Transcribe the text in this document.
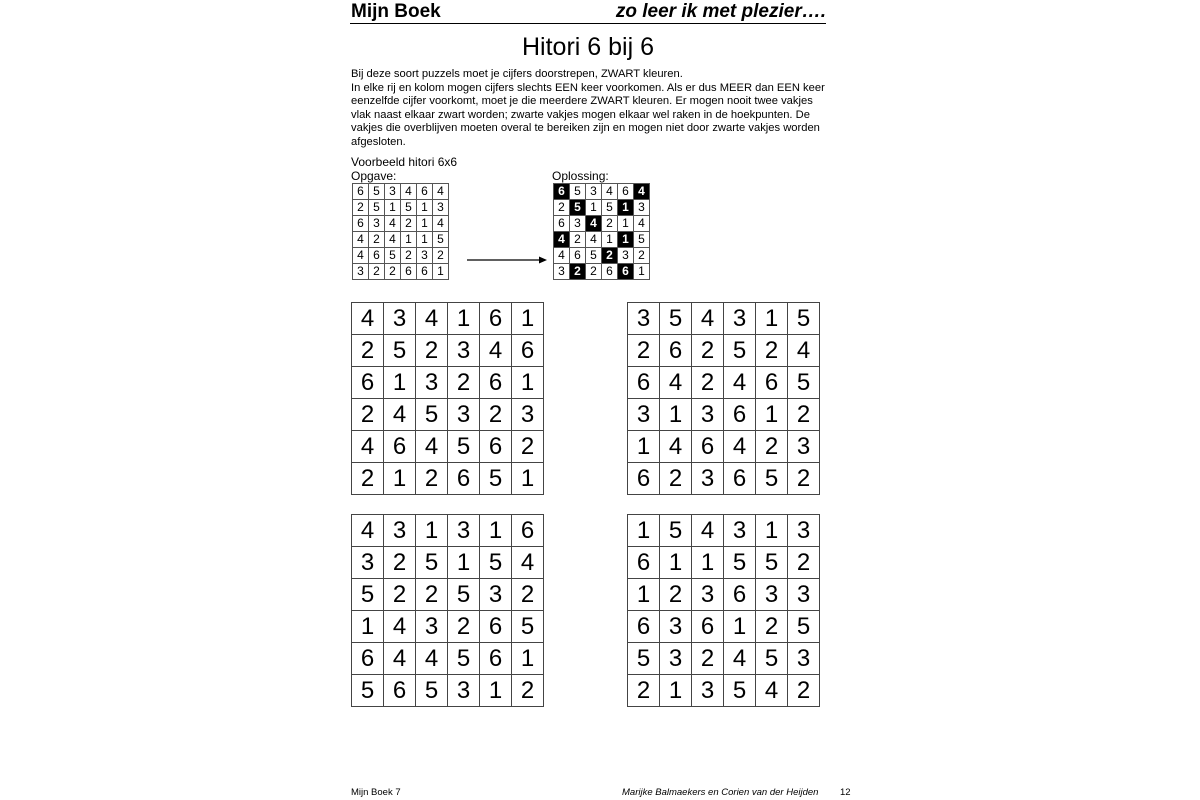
Mijn Boek	zo leer ik met plezier….
Hitori 6 bij 6

Bij deze soort puzzels moet je cijfers doorstrepen, ZWART kleuren.

In elke rij en kolom mogen cijfers slechts EEN keer voorkomen. Als er dus MEER dan EEN keer eenzelfde cijfer voorkomt, moet je die meerdere ZWART kleuren. Er mogen nooit twee vakjes vlak naast elkaar zwart worden; zwarte vakjes mogen elkaar wel raken in de hoekpunten. De vakjes die overblijven moeten overal te bereiken zijn en mogen niet door zwarte vakjes worden afgesloten.

Voorbeeld hitori 6x6
Opgave:	Oplossing:
6	5	3	4	6	4
2	5	1	5	1	3
6	3	4	2	1	4
4	2	4	1	1	5
4	6	5	2	3	2
3	2	2	6	6	1
6	5	3	4	6	4
2	5	1	5	1	3
6	3	4	2	1	4
4	2	4	1	1	5
4	6	5	2	3	2
3	2	2	6	6	1
4	3	4	1	6	1
2	5	2	3	4	6
6	1	3	2	6	1
2	4	5	3	2	3
4	6	4	5	6	2
2	1	2	6	5	1
3	5	4	3	1	5
2	6	2	5	2	4
6	4	2	4	6	5
3	1	3	6	1	2
1	4	6	4	2	3
6	2	3	6	5	2
4	3	1	3	1	6
3	2	5	1	5	4
5	2	2	5	3	2
1	4	3	2	6	5
6	4	4	5	6	1
5	6	5	3	1	2
1	5	4	3	1	3
6	1	1	5	5	2
1	2	3	6	3	3
6	3	6	1	2	5
5	3	2	4	5	3
2	1	3	5	4	2
Mijn Boek 7	Marijke Balmaekers en Corien van der Heijden 12
